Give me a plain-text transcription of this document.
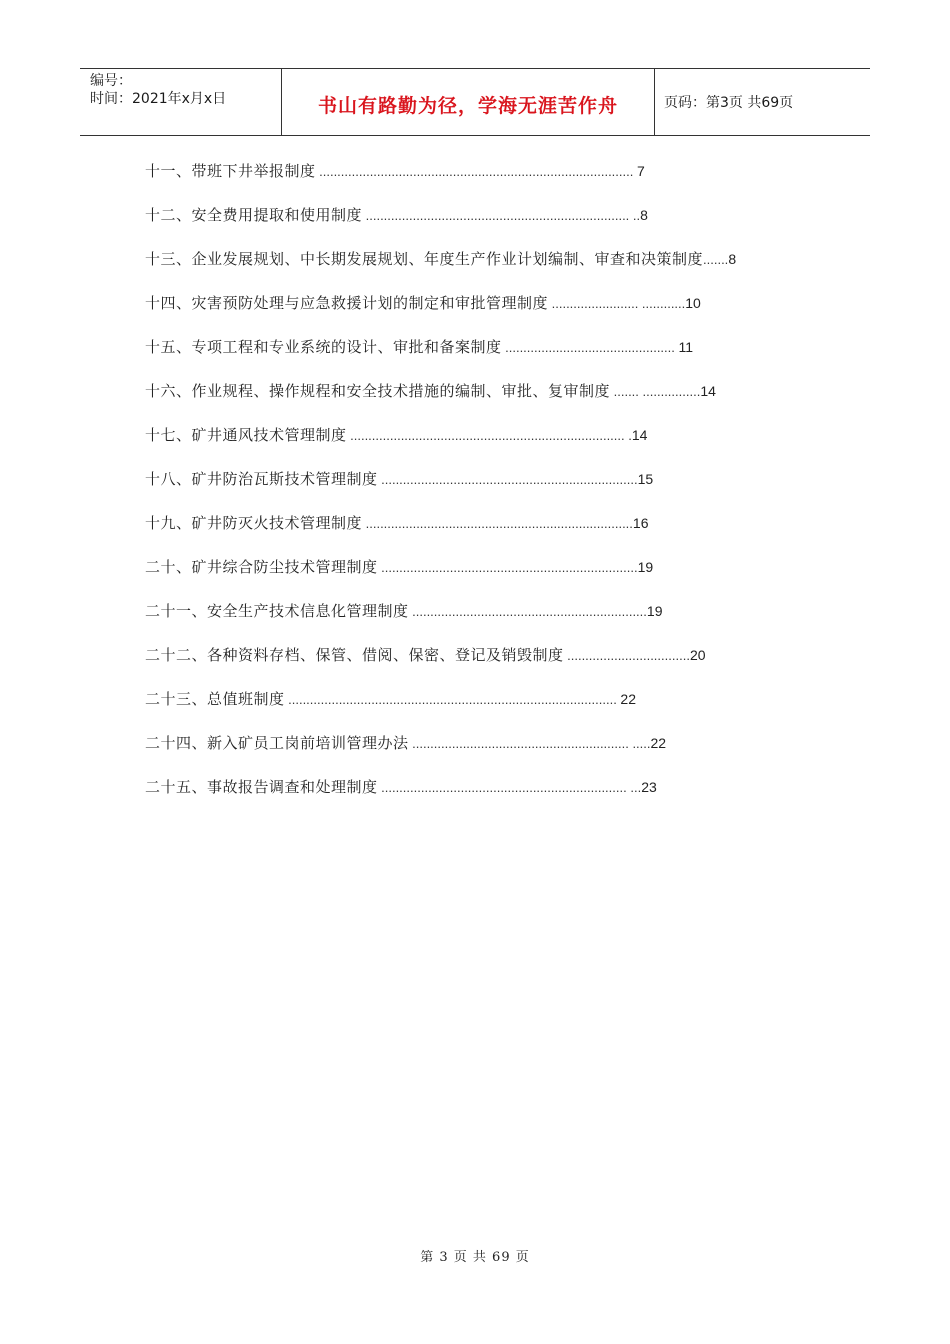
编号：
时间：2021年x月x日	书山有路勤为径，学海无涯苦作舟	页码：第3页 共69页
十一、带班下井举报制度 ....................................................................................... 7
十二、安全费用提取和使用制度 ......................................................................... ..8
十三、企业发展规划、中长期发展规划、年度生产作业计划编制、审查和决策制度.......8
十四、灾害预防处理与应急救援计划的制定和审批管理制度 ........................ ............10
十五、专项工程和专业系统的设计、审批和备案制度 ............................................... 11
十六、作业规程、操作规程和安全技术措施的编制、审批、复审制度 ....... ................14
十七、矿井通风技术管理制度 ............................................................................ .14
十八、矿井防治瓦斯技术管理制度 .......................................................................15
十九、矿井防灭火技术管理制度 ..........................................................................16
二十、矿井综合防尘技术管理制度 .......................................................................19
二十一、安全生产技术信息化管理制度 .................................................................19
二十二、各种资料存档、保管、借阅、保密、登记及销毁制度 ..................................20
二十三、总值班制度 ........................................................................................... 22
二十四、新入矿员工岗前培训管理办法 ............................................................ .....22
二十五、事故报告调查和处理制度 .................................................................... ...23
第 3 页 共 69 页
